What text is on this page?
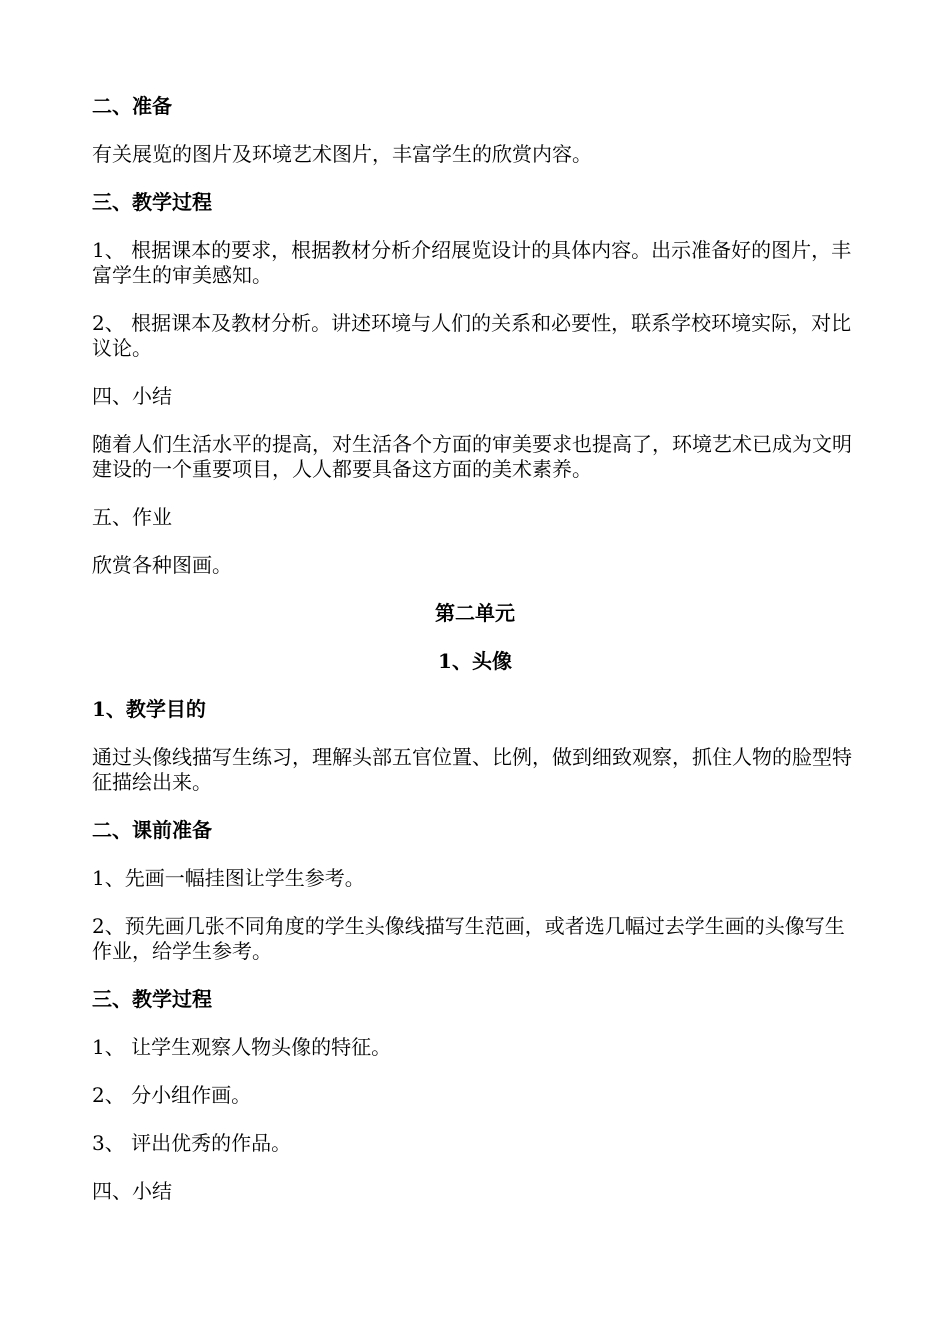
二、准备

有关展览的图片及环境艺术图片，丰富学生的欣赏内容。

三、教学过程

1、 根据课本的要求，根据教材分析介绍展览设计的具体内容。出示准备好的图片，丰富学生的审美感知。

2、 根据课本及教材分析。讲述环境与人们的关系和必要性，联系学校环境实际，对比议论。

四、小结

随着人们生活水平的提高，对生活各个方面的审美要求也提高了，环境艺术已成为文明建设的一个重要项目，人人都要具备这方面的美术素养。

五、作业

欣赏各种图画。

第二单元

1、头像

1、教学目的

通过头像线描写生练习，理解头部五官位置、比例，做到细致观察，抓住人物的脸型特征描绘出来。

二、课前准备

1、先画一幅挂图让学生参考。

2、预先画几张不同角度的学生头像线描写生范画，或者选几幅过去学生画的头像写生作业，给学生参考。

三、教学过程

1、 让学生观察人物头像的特征。

2、 分小组作画。

3、 评出优秀的作品。

四、小结
